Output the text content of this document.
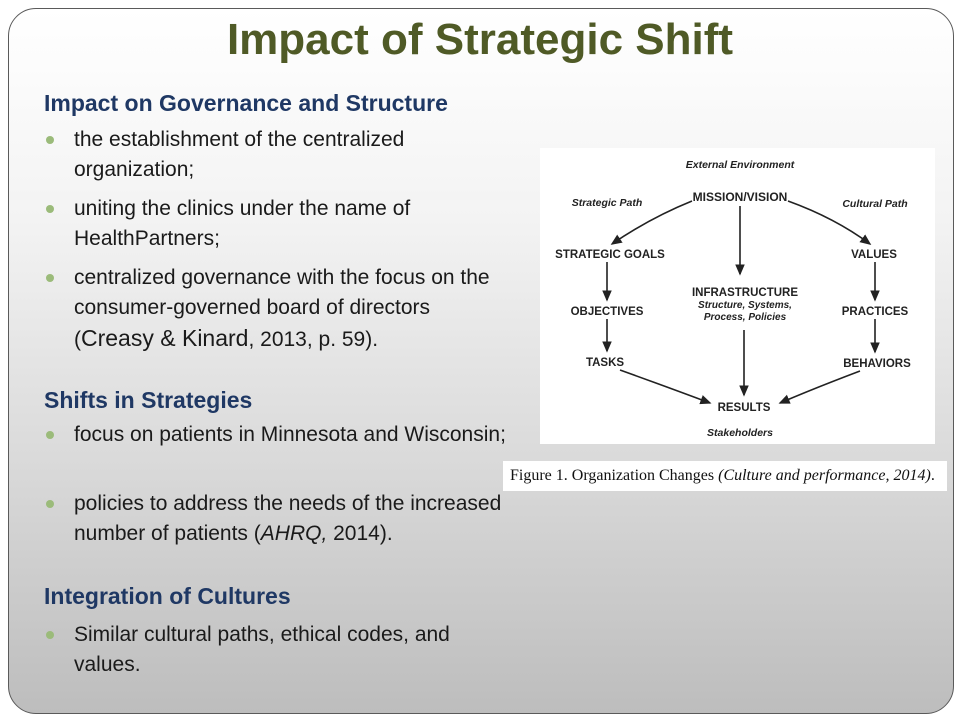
Impact of Strategic Shift
Impact on Governance and Structure
the establishment of the centralized organization;
uniting the clinics under the name of HealthPartners;
centralized governance with the focus on the consumer-governed board of directors (Creasy & Kinard, 2013, p. 59).
Shifts in Strategies
focus on patients in Minnesota and Wisconsin;
policies to address the needs of the increased number of patients (AHRQ, 2014).
Integration of Cultures
Similar cultural paths, ethical codes, and values.
External Environment
MISSION/VISION
Strategic Path	Cultural Path
STRATEGIC GOALS	VALUES
INFRASTRUCTURE
Structure, Systems,
Process, Policies
OBJECTIVES	PRACTICES
TASKS	BEHAVIORS
RESULTS
Stakeholders
Figure 1. Organization Changes (Culture and performance, 2014).
